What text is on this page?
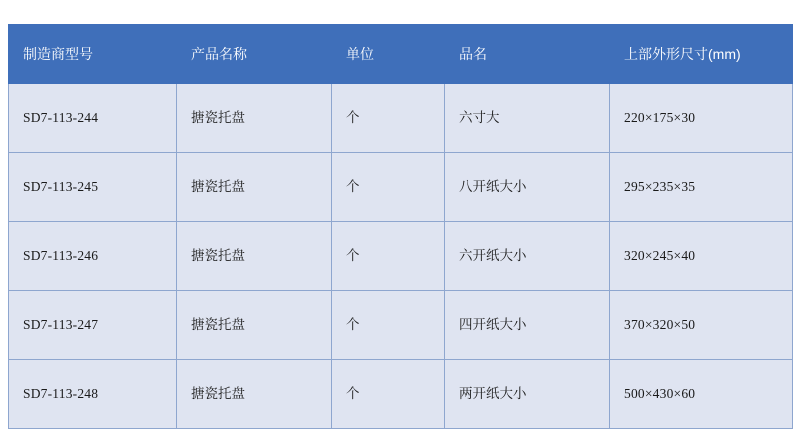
制造商型号	产品名称	单位	品名	上部外形尺寸(mm)
SD7-113-244	搪瓷托盘	个	六寸大	220×175×30
SD7-113-245	搪瓷托盘	个	八开纸大小	295×235×35
SD7-113-246	搪瓷托盘	个	六开纸大小	320×245×40
SD7-113-247	搪瓷托盘	个	四开纸大小	370×320×50
SD7-113-248	搪瓷托盘	个	两开纸大小	500×430×60
